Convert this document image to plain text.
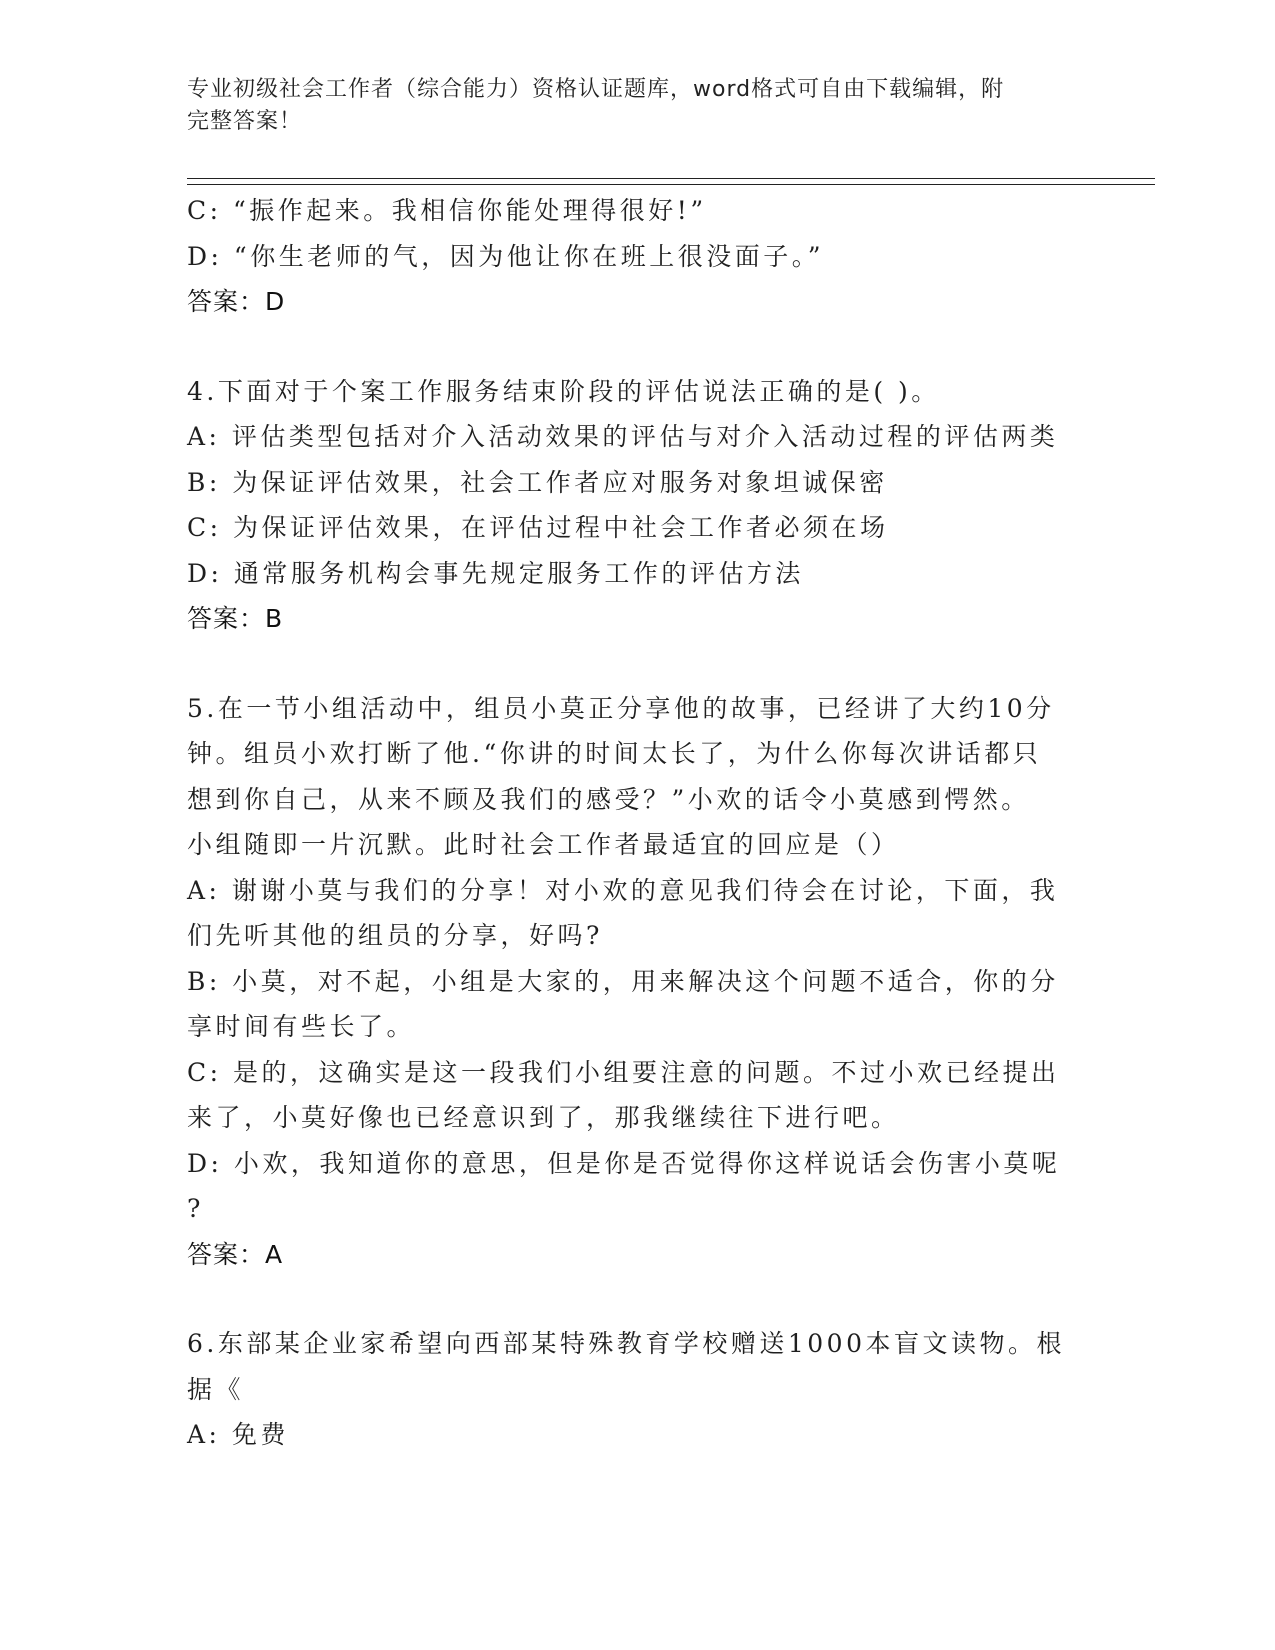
专业初级社会工作者（综合能力）资格认证题库，word格式可自由下载编辑，附
完整答案！
C: “振作起来。我相信你能处理得很好!”
D: “你生老师的气，因为他让你在班上很没面子。”
答案：D
4.下面对于个案工作服务结束阶段的评估说法正确的是( )。
A: 评估类型包括对介入活动效果的评估与对介入活动过程的评估两类
B: 为保证评估效果，社会工作者应对服务对象坦诚保密
C: 为保证评估效果，在评估过程中社会工作者必须在场
D: 通常服务机构会事先规定服务工作的评估方法
答案：B
5.在一节小组活动中，组员小莫正分享他的故事，已经讲了大约10分
钟。组员小欢打断了他.“你讲的时间太长了，为什么你每次讲话都只
想到你自己，从来不顾及我们的感受？”小欢的话令小莫感到愕然。
小组随即一片沉默。此时社会工作者最适宜的回应是（）
A: 谢谢小莫与我们的分享！对小欢的意见我们待会在讨论，下面，我
们先听其他的组员的分享，好吗?
B: 小莫，对不起，小组是大家的，用来解决这个问题不适合，你的分
享时间有些长了。
C: 是的，这确实是这一段我们小组要注意的问题。不过小欢已经提出
来了，小莫好像也已经意识到了，那我继续往下进行吧。
D: 小欢，我知道你的意思，但是你是否觉得你这样说话会伤害小莫呢
?
答案：A
6.东部某企业家希望向西部某特殊教育学校赠送1000本盲文读物。根
据《
A: 免费
